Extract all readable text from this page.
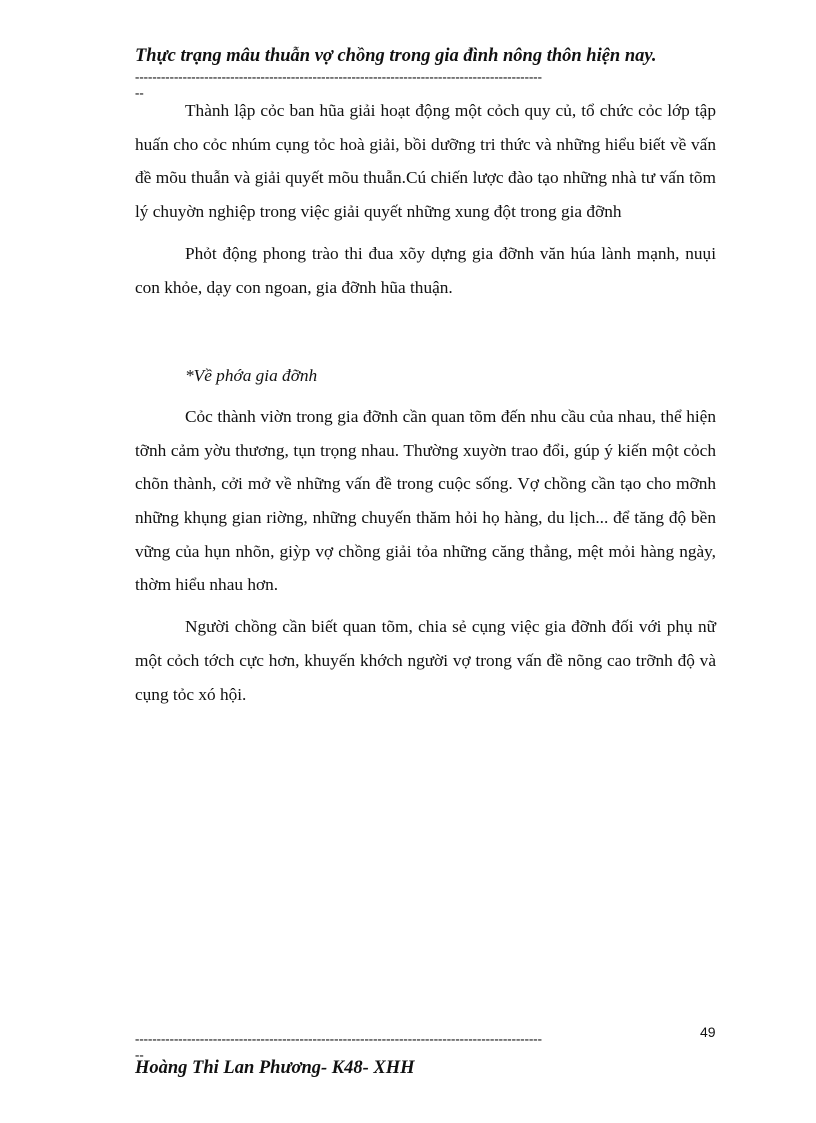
Thực trạng mâu thuẫn vợ chồng trong gia đình nông thôn hiện nay.
----------------------------------------------------------------------------------------------
--

Thành lập cỏc ban hũa giải hoạt động một cỏch quy củ, tổ chức cỏc lớp tập huấn cho cỏc nhúm cụng tỏc hoà giải, bồi dưỡng tri thức và những hiểu biết về vấn đề mõu thuẫn và giải quyết mõu thuẫn.Cú chiến lược đào tạo những nhà tư vấn tõm lý chuyờn nghiệp trong việc giải quyết những xung đột trong gia đỡnh

Phỏt động phong trào thi đua xõy dựng gia đỡnh văn húa lành mạnh, nuụi con khỏe, dạy con ngoan, gia đỡnh hũa thuận.

*Về phớa gia đỡnh

Cỏc thành viờn trong gia đỡnh cần quan tõm đến nhu cầu của nhau, thể hiện tỡnh cảm yờu thương, tụn trọng nhau. Thường xuyờn trao đổi, gúp ý kiến một cỏch chõn thành, cởi mở về những vấn đề trong cuộc sống. Vợ chồng cần tạo cho mỡnh những khụng gian riờng, những chuyến thăm hỏi họ hàng, du lịch... để tăng độ bền vững của hụn nhõn, giỳp vợ chồng giải tỏa những căng thẳng, mệt mỏi hàng ngày, thờm hiểu nhau hơn.

Người chồng cần biết quan tõm, chia sẻ cụng việc gia đỡnh đối với phụ nữ một cỏch tớch cực hơn, khuyến khớch người vợ trong vấn đề nõng cao trỡnh độ và cụng tỏc xó hội.

49
----------------------------------------------------------------------------------------------
--
Hoàng Thi Lan Phương- K48- XHH
